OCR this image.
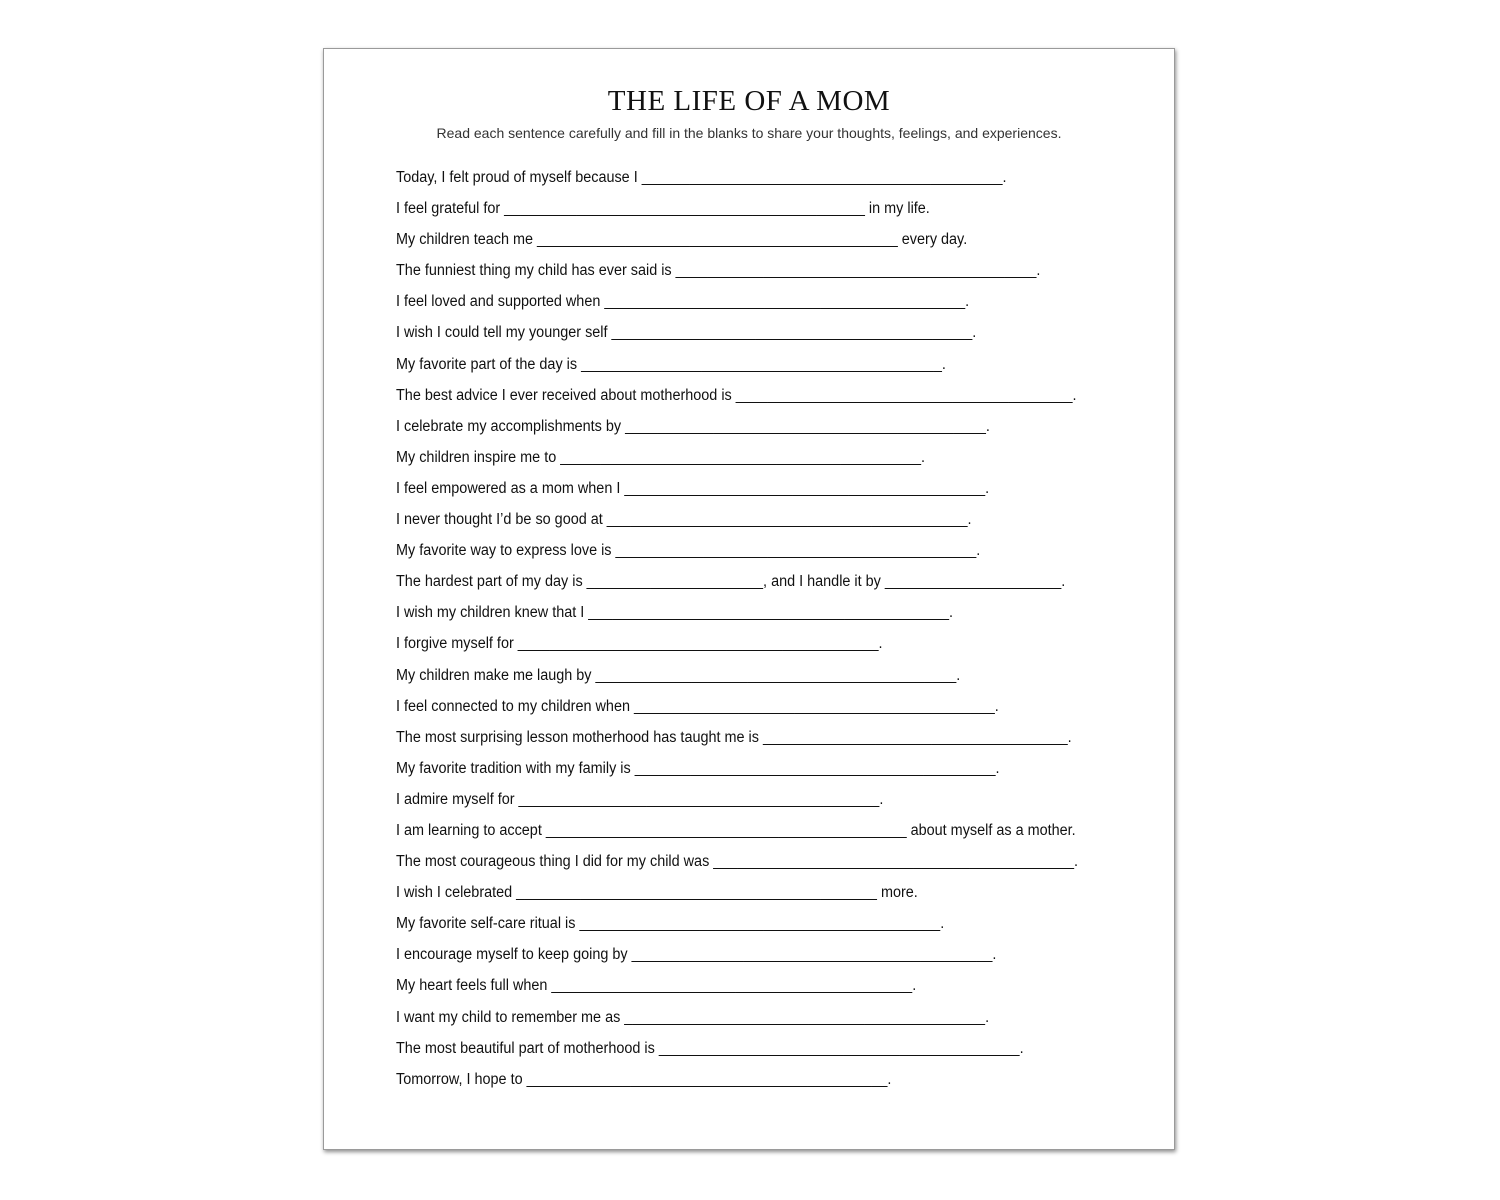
THE LIFE OF A MOM

Read each sentence carefully and fill in the blanks to share your thoughts, feelings, and experiences.

Today, I felt proud of myself because I _____________________________________________.
I feel grateful for _____________________________________________ in my life.
My children teach me _____________________________________________ every day.
The funniest thing my child has ever said is _____________________________________________.
I feel loved and supported when _____________________________________________.
I wish I could tell my younger self _____________________________________________.
My favorite part of the day is _____________________________________________.
The best advice I ever received about motherhood is __________________________________________.
I celebrate my accomplishments by _____________________________________________.
My children inspire me to _____________________________________________.
I feel empowered as a mom when I _____________________________________________.
I never thought I’d be so good at _____________________________________________.
My favorite way to express love is _____________________________________________.
The hardest part of my day is ______________________, and I handle it by ______________________.
I wish my children knew that I _____________________________________________.
I forgive myself for _____________________________________________.
My children make me laugh by _____________________________________________.
I feel connected to my children when _____________________________________________.
The most surprising lesson motherhood has taught me is ______________________________________.
My favorite tradition with my family is _____________________________________________.
I admire myself for _____________________________________________.
I am learning to accept _____________________________________________ about myself as a mother.
The most courageous thing I did for my child was _____________________________________________.
I wish I celebrated _____________________________________________ more.
My favorite self-care ritual is _____________________________________________.
I encourage myself to keep going by _____________________________________________.
My heart feels full when _____________________________________________.
I want my child to remember me as _____________________________________________.
The most beautiful part of motherhood is _____________________________________________.
Tomorrow, I hope to _____________________________________________.
